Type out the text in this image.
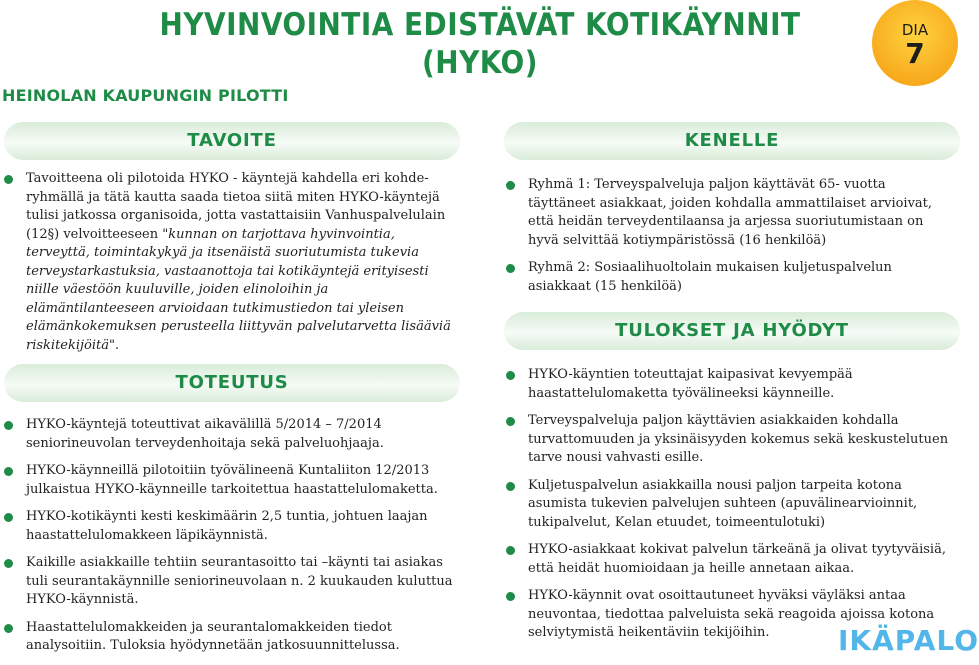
HYVINVOINTIA EDISTÄVÄT KOTIKÄYNNIT
(HYKO)
HEINOLAN KAUPUNGIN PILOTTI
DIA
7
TAVOITE
Tavoitteena oli pilotoida HYKO - käyntejä kahdella eri kohde-ryhmällä ja tätä kautta saada tietoa siitä miten HYKO-käyntejä tulisi jatkossa organisoida, jotta vastattaisiin Vanhuspalvelulain (12§) velvoitteeseen "kunnan on tarjottava hyvinvointia, terveyttä, toimintakykyä ja itsenäistä suoriutumista tukevia terveystarkastuksia, vastaanottoja tai kotikäyntejä erityisesti niille väestöön kuuluville, joiden elinoloihin ja elämäntilanteeseen arvioidaan tutkimustiedon tai yleisen elämänkokemuksen perusteella liittyvän palvelutarvetta lisääviä riskitekijöitä".
TOTEUTUS
HYKO-käyntejä toteuttivat aikavälillä 5/2014 – 7/2014 seniorineuvolan terveydenhoitaja sekä palveluohjaaja.
HYKO-käynneillä pilotoitiin työvälineenä Kuntaliiton 12/2013 julkaistua HYKO-käynneille tarkoitettua haastattelulomaketta.
HYKO-kotikäynti kesti keskimäärin 2,5 tuntia, johtuen laajan haastattelulomakkeen läpikäynnistä.
Kaikille asiakkaille tehtiin seurantasoitto tai –käynti tai asiakas tuli seurantakäynnille seniorineuvolaan n. 2 kuukauden kuluttua HYKO-käynnistä.
Haastattelulomakkeiden ja seurantalomakkeiden tiedot analysoitiin. Tuloksia hyödynnetään jatkosuunnittelussa.
KENELLE
Ryhmä 1: Terveyspalveluja paljon käyttävät 65- vuotta täyttäneet asiakkaat, joiden kohdalla ammattilaiset arvioivat, että heidän terveydentilaansa ja arjessa suoriutumistaan on hyvä selvittää kotiympäristössä (16 henkilöä)
Ryhmä 2: Sosiaalihuoltolain mukaisen kuljetuspalvelun asiakkaat (15 henkilöä)
TULOKSET JA HYÖDYT
HYKO-käyntien toteuttajat kaipasivat kevyempää haastattelulomaketta työvälineeksi käynneille.
Terveyspalveluja paljon käyttävien asiakkaiden kohdalla turvattomuuden ja yksinäisyyden kokemus sekä keskustelutuen tarve nousi vahvasti esille.
Kuljetuspalvelun asiakkailla nousi paljon tarpeita kotona asumista tukevien palvelujen suhteen (apuvälinearvioinnit, tukipalvelut, Kelan etuudet, toimeentulotuki)
HYKO-asiakkaat kokivat palvelun tärkeänä ja olivat tyytyväisiä, että heidät huomioidaan ja heille annetaan aikaa.
HYKO-käynnit ovat osoittautuneet hyväksi väyläksi antaa neuvontaa, tiedottaa palveluista sekä reagoida ajoissa kotona selviytymistä heikentäviin tekijöihin.	IKÄPALO
